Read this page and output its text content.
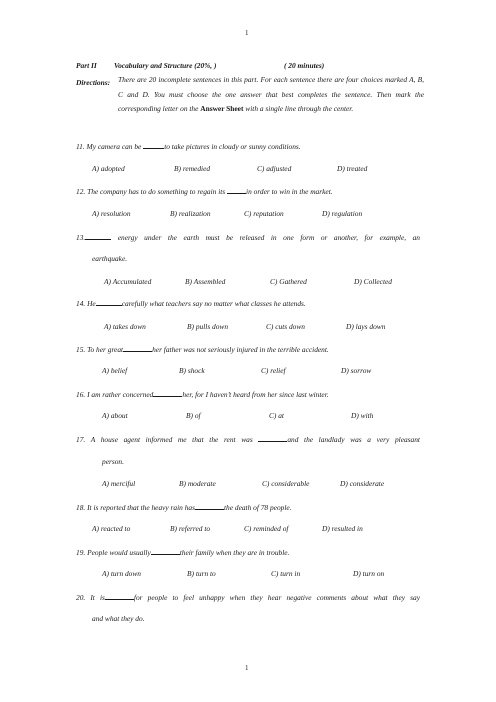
1
1
Part II Vocabulary and Structure (20%, )	( 20 minutes)
Directions: There are 20 incomplete sentences in this part. For each sentence there are four choices marked A, B, C and D. You must choose the one answer that best completes the sentence. Then mark the corresponding letter on the Answer Sheet with a single line through the center.
11. My camera can be	to take pictures in cloudy or sunny conditions.
A) adopted	B) remedied	C) adjusted	D) treated
12. The company has to do something to regain its	in order to win in the market.
A) resolution	B) realization	C) reputation	D) regulation
13.	energy under the earth must be released in one form or another, for example, an
earthquake.
A) Accumulated	B) Assembled	C) Gathered	D) Collected
14. He	carefully what teachers say no matter what classes he attends.
A) takes down	B) pulls down	C) cuts down	D) lays down
15. To her great	her father was not seriously injured in the terrible accident.
A) belief	B) shock	C) relief	D) sorrow
16. I am rather concerned	her, for I haven’t heard from her since last winter.
A) about	B) of	C) at	D) with
17. A house agent informed me that the rent was	and the landlady was a very pleasant
person.
A) merciful	B) moderate	C) considerable	D) considerate
18. It is reported that the heavy rain has	the death of 78 people.
A) reacted to	B) referred to	C) reminded of	D) resulted in
19. People would usually	their family when they are in trouble.
A) turn down	B) turn to	C) turn in	D) turn on
20. It is	for people to feel unhappy when they hear negative comments about what they say
and what they do.
